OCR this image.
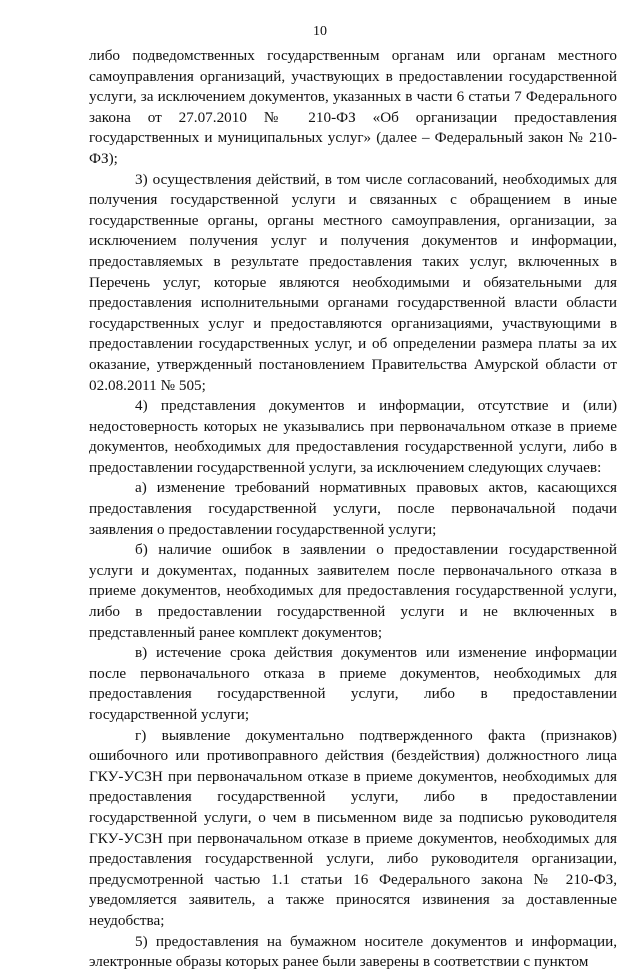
10

либо подведомственных государственным органам или органам местного самоуправления организаций, участвующих в предоставлении государственной услуги, за исключением документов, указанных в части 6 статьи 7 Федерального закона от 27.07.2010 № 210-ФЗ «Об организации предоставления государственных и муниципальных услуг» (далее – Федеральный закон № 210-ФЗ);

3) осуществления действий, в том числе согласований, необходимых для получения государственной услуги и связанных с обращением в иные государственные органы, органы местного самоуправления, организации, за исключением получения услуг и получения документов и информации, предоставляемых в результате предоставления таких услуг, включенных в Перечень услуг, которые являются необходимыми и обязательными для предоставления исполнительными органами государственной власти области государственных услуг и предоставляются организациями, участвующими в предоставлении государственных услуг, и об определении размера платы за их оказание, утвержденный постановлением Правительства Амурской области от 02.08.2011 № 505;

4) представления документов и информации, отсутствие и (или) недостоверность которых не указывались при первоначальном отказе в приеме документов, необходимых для предоставления государственной услуги, либо в предоставлении государственной услуги, за исключением следующих случаев:

а) изменение требований нормативных правовых актов, касающихся предоставления государственной услуги, после первоначальной подачи заявления о предоставлении государственной услуги;

б) наличие ошибок в заявлении о предоставлении государственной услуги и документах, поданных заявителем после первоначального отказа в приеме документов, необходимых для предоставления государственной услуги, либо в предоставлении государственной услуги и не включенных в представленный ранее комплект документов;

в) истечение срока действия документов или изменение информации после первоначального отказа в приеме документов, необходимых для предоставления государственной услуги, либо в предоставлении государственной услуги;

г) выявление документально подтвержденного факта (признаков) ошибочного или противоправного действия (бездействия) должностного лица ГКУ-УСЗН при первоначальном отказе в приеме документов, необходимых для предоставления государственной услуги, либо в предоставлении государственной услуги, о чем в письменном виде за подписью руководителя ГКУ-УСЗН при первоначальном отказе в приеме документов, необходимых для предоставления государственной услуги, либо руководителя организации, предусмотренной частью 1.1 статьи 16 Федерального закона № 210-ФЗ, уведомляется заявитель, а также приносятся извинения за доставленные неудобства;

5) предоставления на бумажном носителе документов и информации, электронные образы которых ранее были заверены в соответствии с пунктом
